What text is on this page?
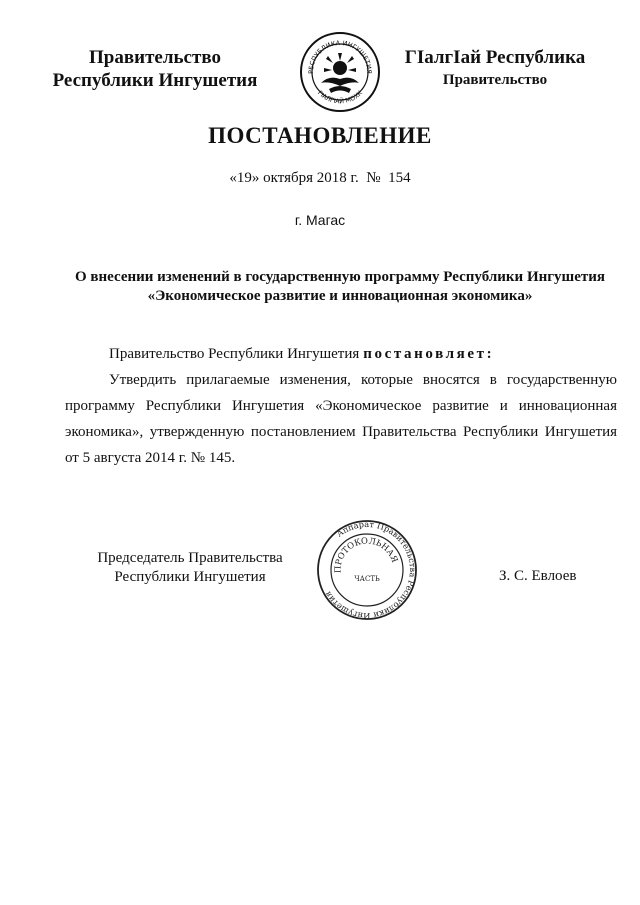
Правительство
Республики Ингушетия	РЕСПУБЛИКА ИНГУШЕТИЯ
ГІАЛГІАЙ МОХК
ГІалгІай Республика
Правительство
ПОСТАНОВЛЕНИЕ
«19» октября 2018 г.  №  154
г. Магас
О внесении изменений в государственную программу Республики Ингушетия
«Экономическое развитие и инновационная экономика»
Правительство Республики Ингушетия постановляет:
Утвердить прилагаемые изменения, которые вносятся в государственную программу Республики Ингушетия «Экономическое развитие и инновационная экономика», утвержденную постановлением Правительства Республики Ингушетия от 5 августа 2014 г. № 145.
Председатель Правительства
Республики Ингушетия
Аппарат Правительства Республики Ингушетия
ПРОТОКОЛЬНАЯ
ЧАСТЬ	З. С. Евлоев
